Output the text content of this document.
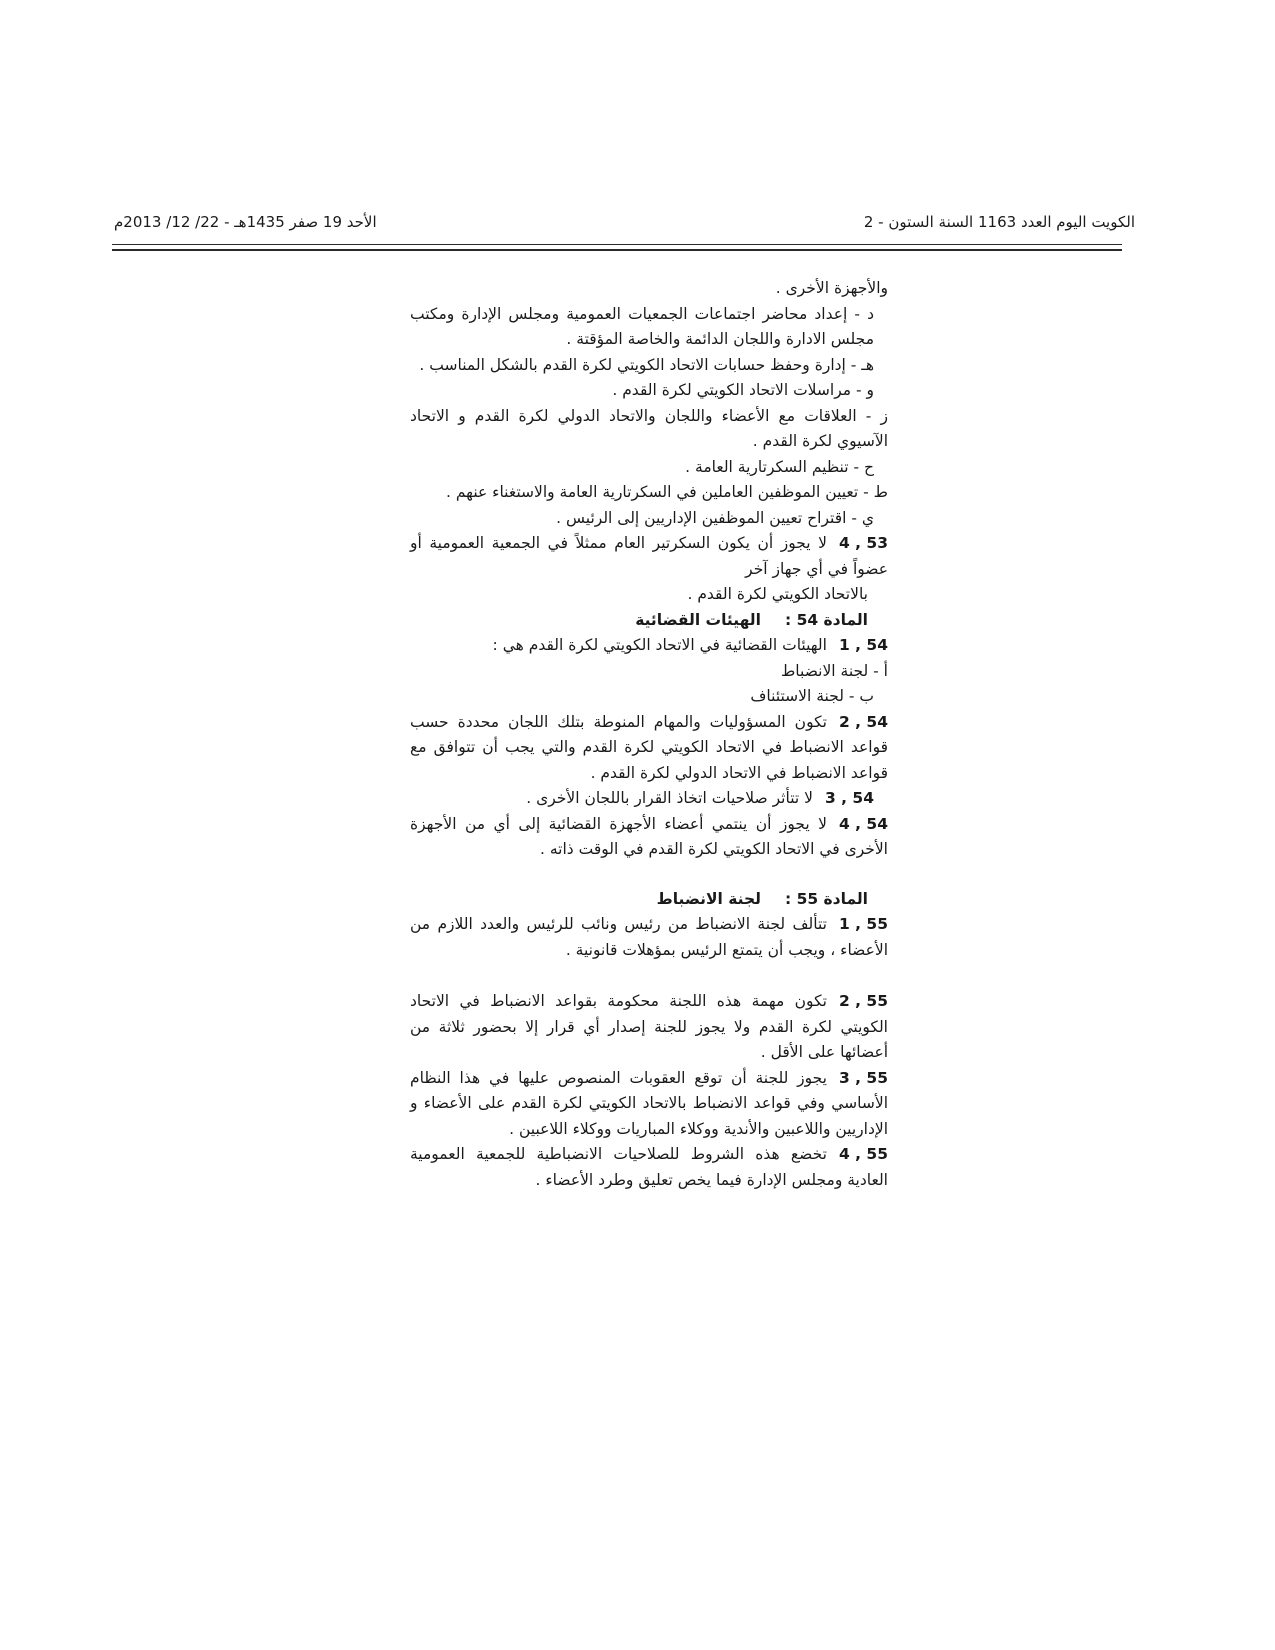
الكويت اليوم العدد 1163 السنة الستون - 2
الأحد 19 صفر 1435هـ - 22/ 12/ 2013م

والأجهزة الأخرى .

د - إعداد محاضر اجتماعات الجمعيات العمومية ومجلس الإدارة ومكتب مجلس الادارة واللجان الدائمة والخاصة المؤقتة .

هـ - إدارة وحفظ حسابات الاتحاد الكويتي لكرة القدم بالشكل المناسب .

و - مراسلات الاتحاد الكويتي لكرة القدم .

ز - العلاقات مع الأعضاء واللجان والاتحاد الدولي لكرة القدم و الاتحاد الآسيوي لكرة القدم .

ح - تنظيم السكرتارية العامة .

ط - تعيين الموظفين العاملين في السكرتارية العامة والاستغناء عنهم .

ي - اقتراح تعيين الموظفين الإداريين إلى الرئيس .

4 , 53لا يجوز أن يكون السكرتير العام ممثلاً في الجمعية العمومية أو عضواً في أي جهاز آخر

بالاتحاد الكويتي لكرة القدم .

المادة 54 :الهيئات القضائية

1 , 54الهيئات القضائية في الاتحاد الكويتي لكرة القدم هي :

أ - لجنة الانضباط

ب - لجنة الاستئناف

2 , 54تكون المسؤوليات والمهام المنوطة بتلك اللجان محددة حسب قواعد الانضباط في الاتحاد الكويتي لكرة القدم والتي يجب أن تتوافق مع قواعد الانضباط في الاتحاد الدولي لكرة القدم .

3 , 54لا تتأثر صلاحيات اتخاذ القرار باللجان الأخرى .

4 , 54لا يجوز أن ينتمي أعضاء الأجهزة القضائية إلى أي من الأجهزة الأخرى في الاتحاد الكويتي لكرة القدم في الوقت ذاته .

المادة 55 :لجنة الانضباط

1 , 55تتألف لجنة الانضباط من رئيس ونائب للرئيس والعدد اللازم من الأعضاء ، ويجب أن يتمتع الرئيس بمؤهلات قانونية .

2 , 55تكون مهمة هذه اللجنة محكومة بقواعد الانضباط في الاتحاد الكويتي لكرة القدم ولا يجوز للجنة إصدار أي قرار إلا بحضور ثلاثة من أعضائها على الأقل .

3 , 55يجوز للجنة أن توقع العقوبات المنصوص عليها في هذا النظام الأساسي وفي قواعد الانضباط بالاتحاد الكويتي لكرة القدم على الأعضاء و الإداريين واللاعبين والأندية ووكلاء المباريات ووكلاء اللاعبين .

4 , 55تخضع هذه الشروط للصلاحيات الانضباطية للجمعية العمومية العادية ومجلس الإدارة فيما يخص تعليق وطرد الأعضاء .
